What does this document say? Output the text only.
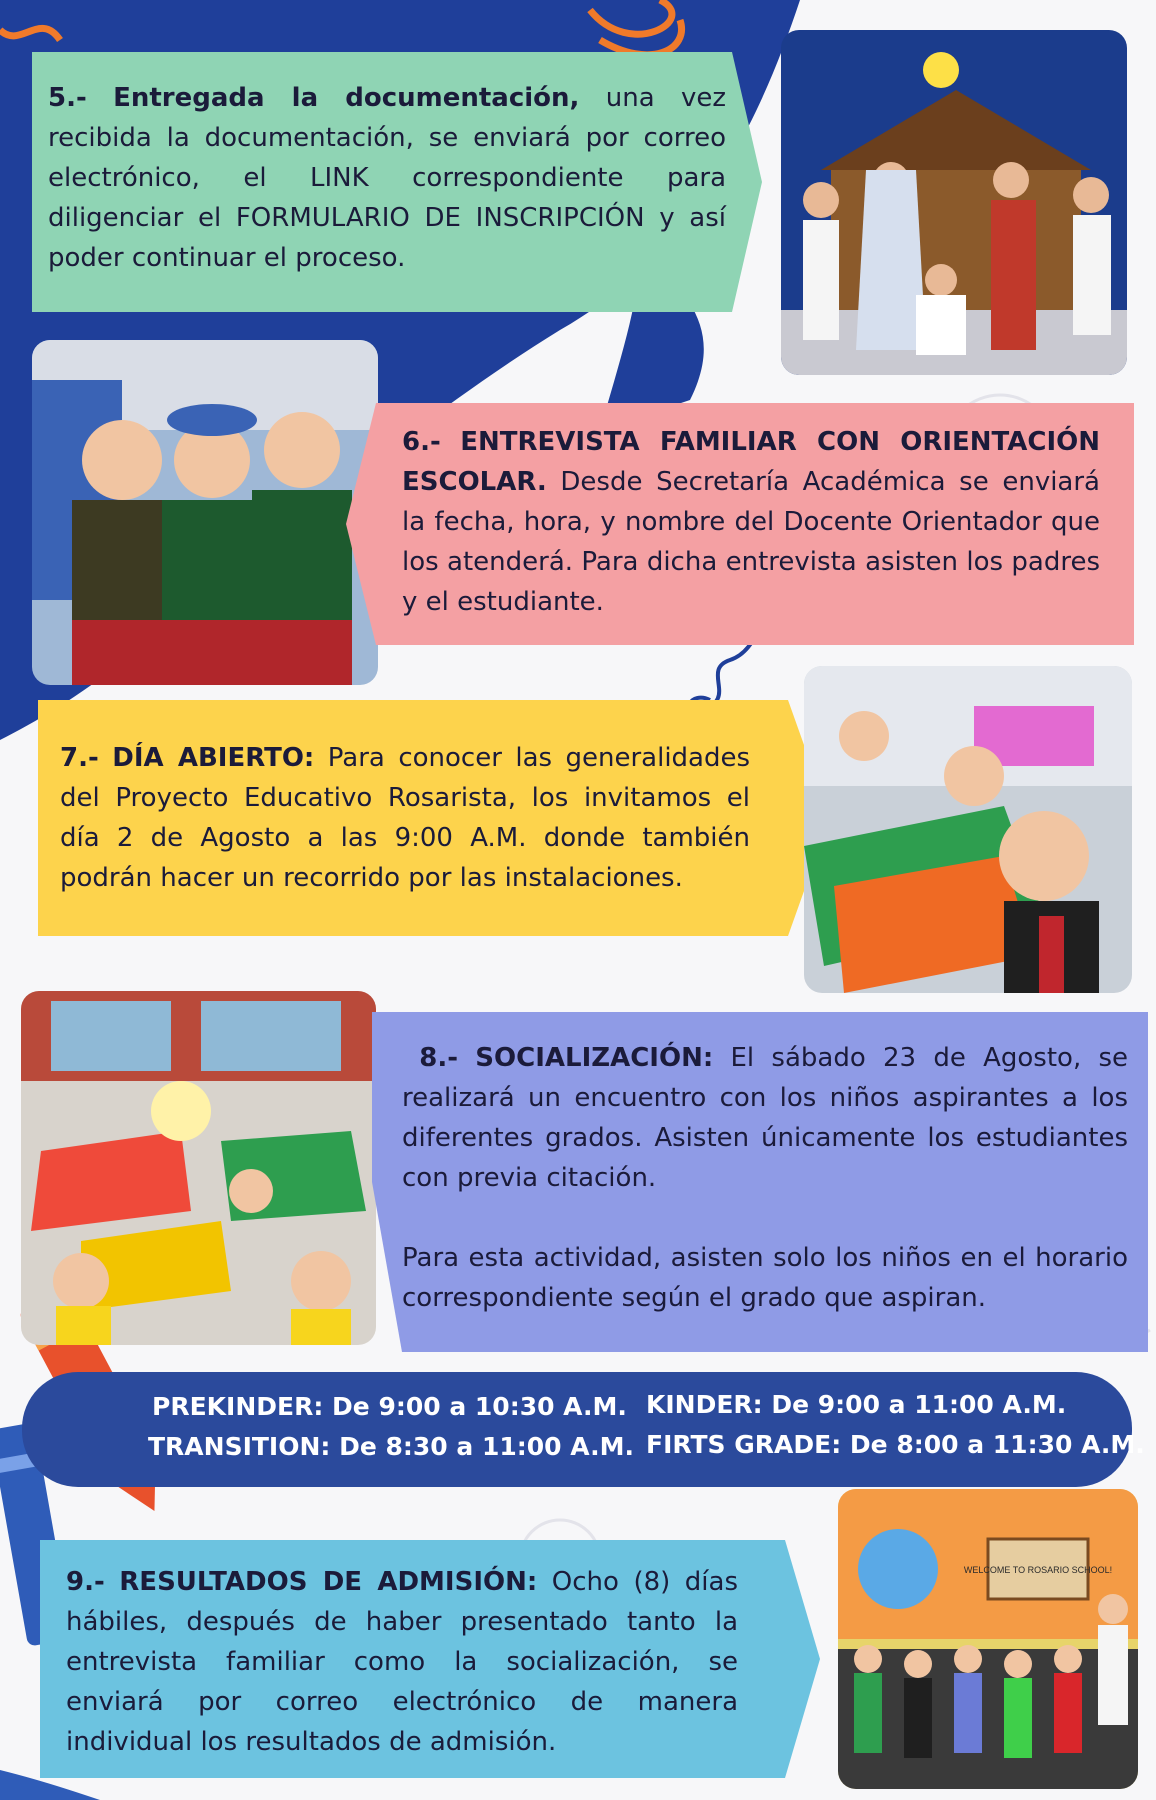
5.- Entregada la documentación, una vez recibida la documentación, se enviará por correo electrónico, el LINK correspondiente para diligenciar el FORMULARIO DE INSCRIPCIÓN y así poder continuar el proceso.

6.- ENTREVISTA FAMILIAR CON ORIENTACIÓN ESCOLAR. Desde Secretaría Académica se enviará la fecha, hora, y nombre del Docente Orientador que los atenderá. Para dicha entrevista asisten los padres y el estudiante.

7.- DÍA ABIERTO: Para conocer las generalidades del Proyecto Educativo Rosarista, los invitamos el día 2 de Agosto a las 9:00 A.M. donde también podrán hacer un recorrido por las instalaciones.

8.- SOCIALIZACIÓN: El sábado 23 de Agosto, se realizará un encuentro con los niños aspirantes a los diferentes grados. Asisten únicamente los estudiantes con previa citación.

Para esta actividad, asisten solo los niños en el horario correspondiente según el grado que aspiran.

PREKINDER: De 9:00 a 10:30 A.M.
TRANSITION: De 8:30 a 11:00 A.M.
KINDER: De 9:00 a 11:00 A.M.
FIRTS GRADE: De 8:00 a 11:30 A.M.

9.- RESULTADOS DE ADMISIÓN: Ocho (8) días hábiles, después de haber presentado tanto la entrevista familiar como la socialización, se enviará por correo electrónico de manera individual los resultados de admisión.

WELCOME TO ROSARIO SCHOOL!
